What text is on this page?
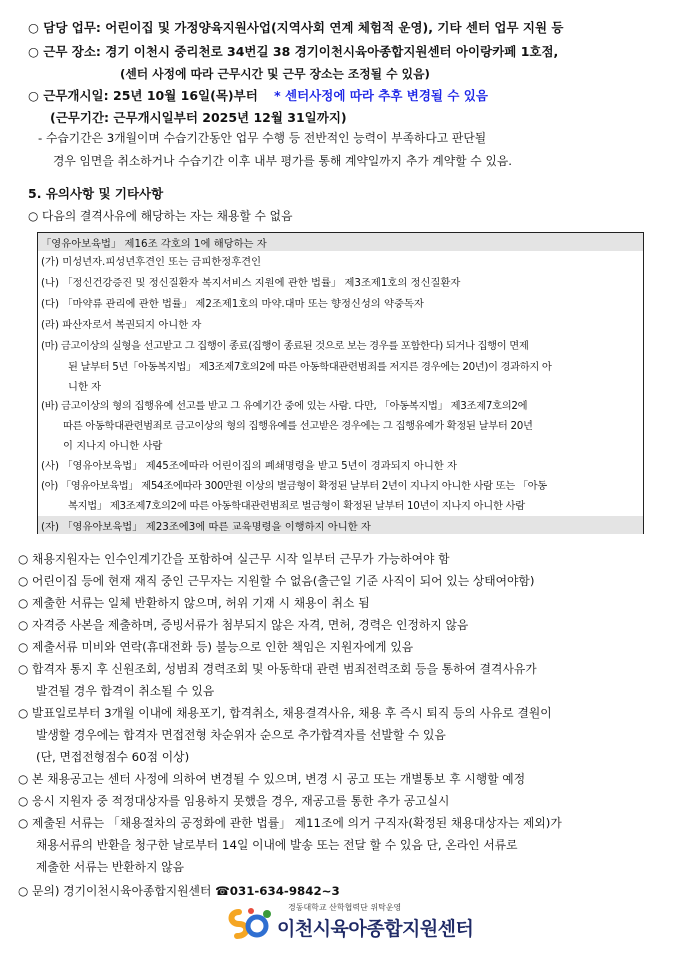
○ 담당 업무: 어린이집 및 가정양육지원사업(지역사회 연계 체험적 운영), 기타 센터 업무 지원 등
○ 근무 장소: 경기 이천시 중리천로 34번길 38 경기이천시육아종합지원센터 아이랑카페 1호점,
(센터 사정에 따라 근무시간 및 근무 장소는 조정될 수 있음)
○ 근무개시일: 25년 10월 16일(목)부터 * 센터사정에 따라 추후 변경될 수 있음
(근무기간: 근무개시일부터 2025년 12월 31일까지)
- 수습기간은 3개월이며 수습기간동안 업무 수행 등 전반적인 능력이 부족하다고 판단될
경우 임면을 취소하거나 수습기간 이후 내부 평가를 통해 계약일까지 추가 계약할 수 있음.
5. 유의사항 및 기타사항
○ 다음의 결격사유에 해당하는 자는 채용할 수 없음
「영유아보육법」 제16조 각호의 1에 해당하는 자
(가) 미성년자.피성년후견인 또는 금피한정후견인
(나) 「정신건강증진 및 정신질환자 복지서비스 지원에 관한 법률」 제3조제1호의 정신질환자
(다) 「마약류 관리에 관한 법률」 제2조제1호의 마약.대마 또는 향정신성의 약중독자
(라) 파산자로서 복권되지 아니한 자
(마) 금고이상의 실형을 선고받고 그 집행이 종료(집행이 종료된 것으로 보는 경우를 포함한다) 되거나 집행이 면제
된 날부터 5년「아동복지법」 제3조제7호의2에 따른 아동학대관련범죄를 저지른 경우에는 20년)이 경과하지 아
니한 자
(바) 금고이상의 형의 집행유예 선고를 받고 그 유예기간 중에 있는 사람. 다만, 「아동복지법」 제3조제7호의2에
따른 아동학대관련범죄로 금고이상의 형의 집행유예를 선고받은 경우에는 그 집행유예가 확정된 날부터 20년
이 지나지 아니한 사람
(사) 「영유아보육법」 제45조에따라 어린이집의 폐쇄명령을 받고 5년이 경과되지 아니한 자
(아) 「영유아보육법」 제54조에따라 300만원 이상의 벌금형이 확정된 날부터 2년이 지나지 아니한 사람 또는 「아동
복지법」 제3조제7호의2에 따른 아동학대관련범죄로 벌금형이 확정된 날부터 10년이 지나지 아니한 사람
(자) 「영유아보육법」 제23조에3에 따른 교육명령을 이행하지 아니한 자
○ 채용지원자는 인수인계기간을 포함하여 실근무 시작 일부터 근무가 가능하여야 함
○ 어린이집 등에 현재 재직 중인 근무자는 지원할 수 없음(출근일 기준 사직이 되어 있는 상태여야함)
○ 제출한 서류는 일체 반환하지 않으며, 허위 기재 시 채용이 취소 됨
○ 자격증 사본을 제출하며, 증빙서류가 첨부되지 않은 자격, 면허, 경력은 인정하지 않음
○ 제출서류 미비와 연락(휴대전화 등) 불능으로 인한 책임은 지원자에게 있음
○ 합격자 통지 후 신원조회, 성범죄 경력조회 및 아동학대 관련 범죄전력조회 등을 통하여 결격사유가
발견될 경우 합격이 취소될 수 있음
○ 발표일로부터 3개월 이내에 채용포기, 합격취소, 채용결격사유, 채용 후 즉시 퇴직 등의 사유로 결원이
발생할 경우에는 합격자 면접전형 차순위자 순으로 추가합격자를 선발할 수 있음
(단, 면접전형점수 60점 이상)
○ 본 채용공고는 센터 사정에 의하여 변경될 수 있으며, 변경 시 공고 또는 개별통보 후 시행할 예정
○ 응시 지원자 중 적정대상자를 임용하지 못했을 경우, 재공고를 통한 추가 공고실시
○ 제출된 서류는 「채용절차의 공정화에 관한 법률」 제11조에 의거 구직자(확정된 채용대상자는 제외)가
채용서류의 반환을 청구한 날로부터 14일 이내에 발송 또는 전달 할 수 있음 단, 온라인 서류로
제출한 서류는 반환하지 않음
○ 문의) 경기이천시육아종합지원센터 ☎031-634-9842~3
경동대학교 산학협력단 위탁운영
이천시육아종합지원센터
